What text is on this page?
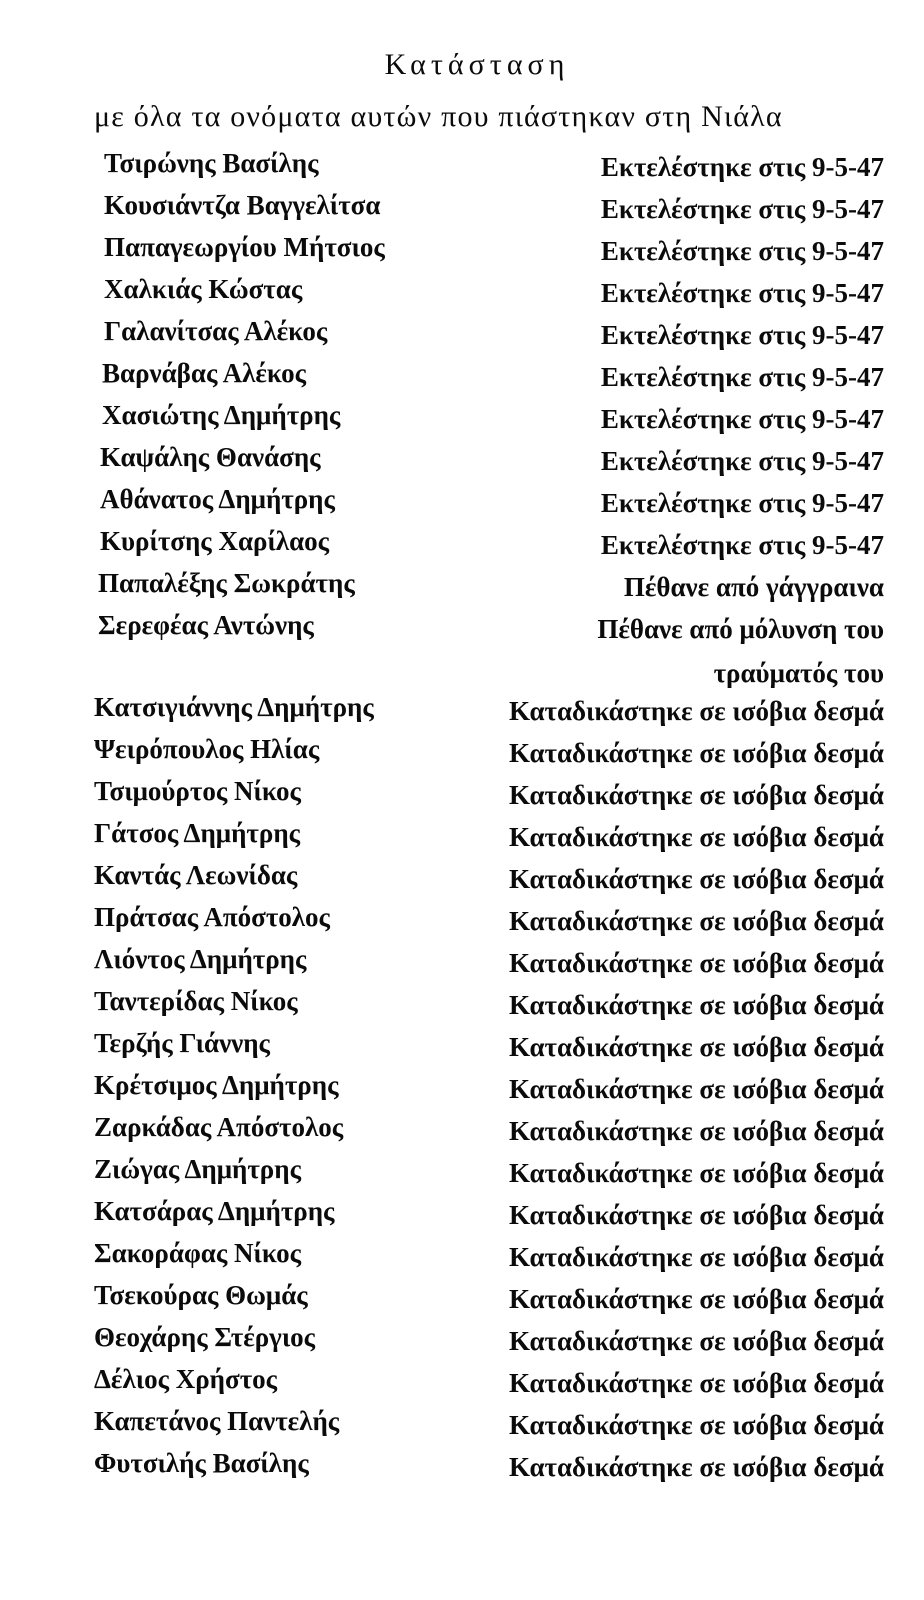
Κατάσταση
με όλα τα ονόματα αυτών που πιάστηκαν στη Νιάλα
Τσιρώνης Βασίλης	Εκτελέστηκε στις 9-5-47
Κουσιάντζα Βαγγελίτσα	Εκτελέστηκε στις 9-5-47
Παπαγεωργίου Μήτσιος	Εκτελέστηκε στις 9-5-47
Χαλκιάς Κώστας	Εκτελέστηκε στις 9-5-47
Γαλανίτσας Αλέκος	Εκτελέστηκε στις 9-5-47
Βαρνάβας Αλέκος	Εκτελέστηκε στις 9-5-47
Χασιώτης Δημήτρης	Εκτελέστηκε στις 9-5-47
Καψάλης Θανάσης	Εκτελέστηκε στις 9-5-47
Αθάνατος Δημήτρης	Εκτελέστηκε στις 9-5-47
Κυρίτσης Χαρίλαος	Εκτελέστηκε στις 9-5-47
Παπαλέξης Σωκράτης	Πέθανε από γάγγραινα
Σερεφέας Αντώνης	Πέθανε από μόλυνση του
τραύματός του
Κατσιγιάννης Δημήτρης	Καταδικάστηκε σε ισόβια δεσμά
Ψειρόπουλος Ηλίας	Καταδικάστηκε σε ισόβια δεσμά
Τσιμούρτος Νίκος	Καταδικάστηκε σε ισόβια δεσμά
Γάτσος Δημήτρης	Καταδικάστηκε σε ισόβια δεσμά
Καντάς Λεωνίδας	Καταδικάστηκε σε ισόβια δεσμά
Πράτσας Απόστολος	Καταδικάστηκε σε ισόβια δεσμά
Λιόντος Δημήτρης	Καταδικάστηκε σε ισόβια δεσμά
Ταντερίδας Νίκος	Καταδικάστηκε σε ισόβια δεσμά
Τερζής Γιάννης	Καταδικάστηκε σε ισόβια δεσμά
Κρέτσιμος Δημήτρης	Καταδικάστηκε σε ισόβια δεσμά
Ζαρκάδας Απόστολος	Καταδικάστηκε σε ισόβια δεσμά
Ζιώγας Δημήτρης	Καταδικάστηκε σε ισόβια δεσμά
Κατσάρας Δημήτρης	Καταδικάστηκε σε ισόβια δεσμά
Σακοράφας Νίκος	Καταδικάστηκε σε ισόβια δεσμά
Τσεκούρας Θωμάς	Καταδικάστηκε σε ισόβια δεσμά
Θεοχάρης Στέργιος	Καταδικάστηκε σε ισόβια δεσμά
Δέλιος Χρήστος	Καταδικάστηκε σε ισόβια δεσμά
Καπετάνος Παντελής	Καταδικάστηκε σε ισόβια δεσμά
Φυτσιλής Βασίλης	Καταδικάστηκε σε ισόβια δεσμά
